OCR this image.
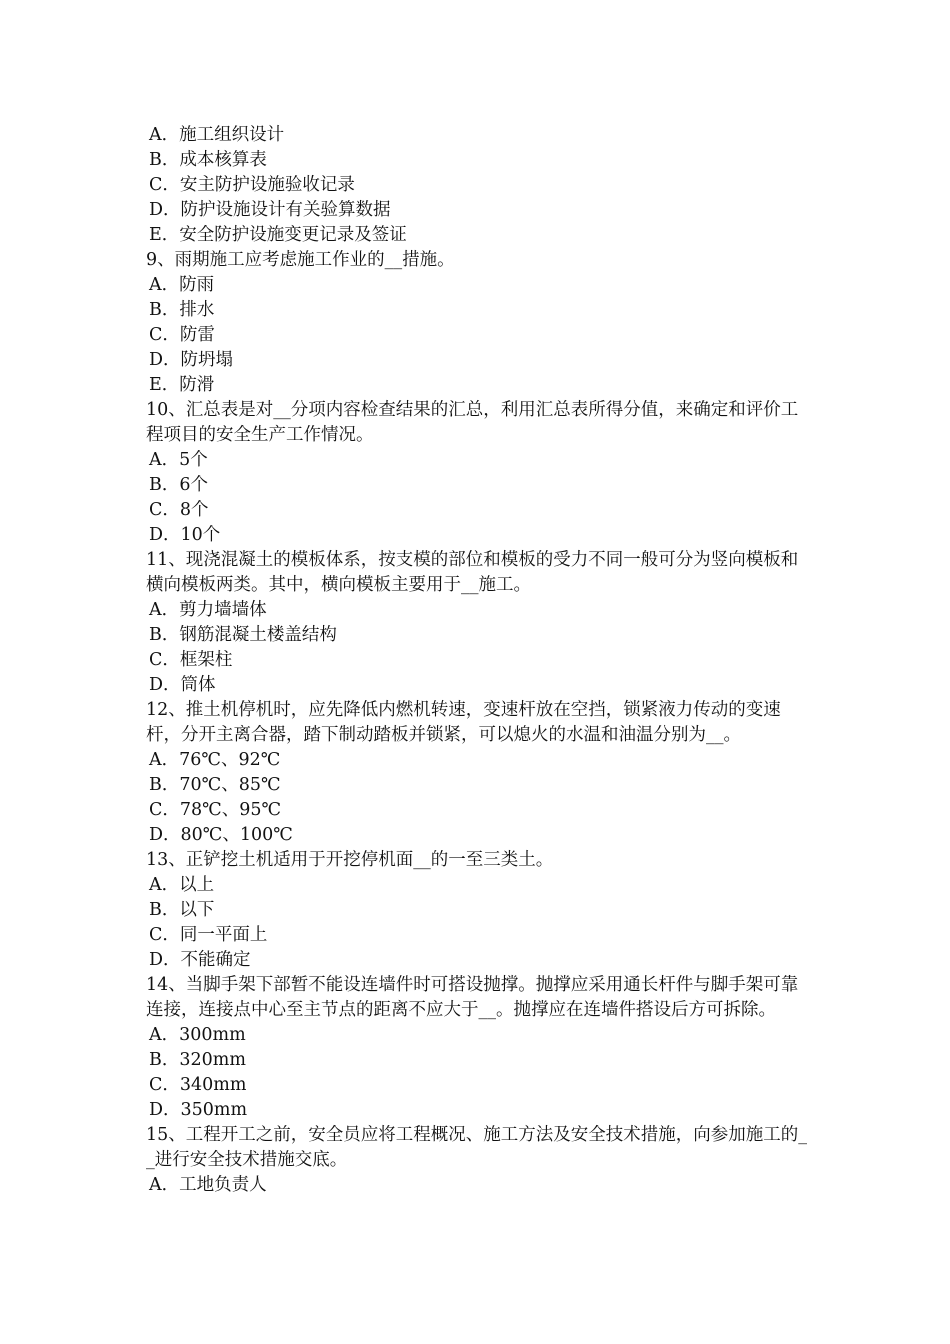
A．施工组织设计
B．成本核算表
C．安主防护设施验收记录
D．防护设施设计有关验算数据
E．安全防护设施变更记录及签证
9、雨期施工应考虑施工作业的__措施。
A．防雨
B．排水
C．防雷
D．防坍塌
E．防滑
10、汇总表是对__分项内容检查结果的汇总，利用汇总表所得分值，来确定和评价工程项目的安全生产工作情况。
A．5个
B．6个
C．8个
D．10个
11、现浇混凝土的模板体系，按支模的部位和模板的受力不同一般可分为竖向模板和横向模板两类。其中，横向模板主要用于__施工。
A．剪力墙墙体
B．钢筋混凝土楼盖结构
C．框架柱
D．筒体
12、推土机停机时，应先降低内燃机转速，变速杆放在空挡，锁紧液力传动的变速杆，分开主离合器，踏下制动踏板并锁紧，可以熄火的水温和油温分别为__。
A．76℃、92℃
B．70℃、85℃
C．78℃、95℃
D．80℃、100℃
13、正铲挖土机适用于开挖停机面__的一至三类土。
A．以上
B．以下
C．同一平面上
D．不能确定
14、当脚手架下部暂不能设连墙件时可搭设抛撑。抛撑应采用通长杆件与脚手架可靠连接，连接点中心至主节点的距离不应大于__。抛撑应在连墙件搭设后方可拆除。
A．300mm
B．320mm
C．340mm
D．350mm
15、工程开工之前，安全员应将工程概况、施工方法及安全技术措施，向参加施工的__进行安全技术措施交底。
A．工地负责人
